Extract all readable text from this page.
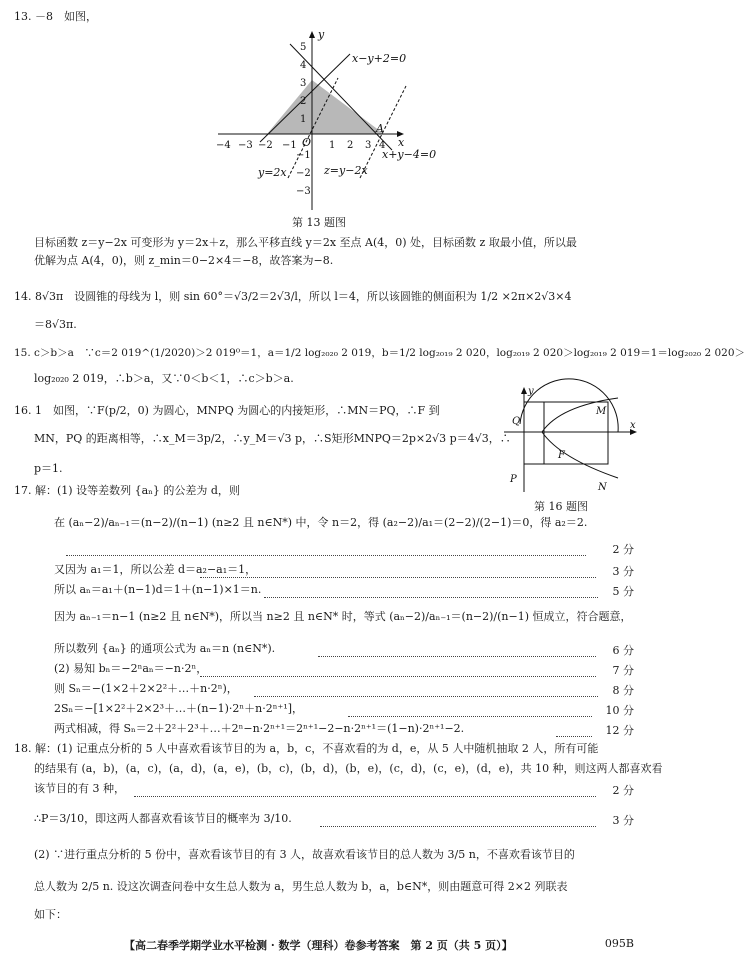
13. －8　如图，
−4 −3 −2 −1	1 2 3 4
5
4
3
2
1
−1
−2
−3
y
x
O
A
x−y+2=0
x+y−4=0
y=2x	z=y−2x
第 13 题图
目标函数 z＝y−2x 可变形为 y＝2x＋z，那么平移直线 y＝2x 至点 A(4，0) 处，目标函数 z 取最小值，所以最
优解为点 A(4，0)，则 z_min＝0−2×4＝−8，故答案为−8.
14. 8√3π　设圆锥的母线为 l，则 sin 60°＝√3/2＝2√3/l，所以 l＝4，所以该圆锥的侧面积为 1/2 ×2π×2√3×4
＝8√3π.
15. c＞b＞a　∵c＝2 019^(1/2020)＞2 019⁰＝1，a＝1/2 log₂₀₂₀ 2 019，b＝1/2 log₂₀₁₉ 2 020，log₂₀₁₉ 2 020＞log₂₀₁₉ 2 019＝1＝log₂₀₂₀ 2 020＞
log₂₀₂₀ 2 019，∴b＞a，又∵0＜b＜1，∴c＞b＞a.
16. 1　如图，∵F(p/2，0) 为圆心，MNPQ 为圆心的内接矩形，∴MN＝PQ，∴F 到
MN，PQ 的距离相等，∴x_M＝3p/2，∴y_M＝√3 p，∴S矩形MNPQ＝2p×2√3 p＝4√3，∴
p＝1.
y
x
Q
M
F
P
N
第 16 题图
17. 解：(1) 设等差数列 {aₙ} 的公差为 d，则
在 (aₙ−2)/aₙ₋₁＝(n−2)/(n−1) (n≥2 且 n∈N*) 中，令 n＝2，得 (a₂−2)/a₁＝(2−2)/(2−1)＝0，得 a₂＝2.
2 分
又因为 a₁＝1，所以公差 d＝a₂−a₁＝1，	3 分
所以 aₙ＝a₁＋(n−1)d＝1＋(n−1)×1＝n.	5 分
因为 aₙ₋₁＝n−1 (n≥2 且 n∈N*)，所以当 n≥2 且 n∈N* 时，等式 (aₙ−2)/aₙ₋₁＝(n−2)/(n−1) 恒成立，符合题意，
所以数列 {aₙ} 的通项公式为 aₙ＝n (n∈N*).	6 分
(2) 易知 bₙ＝−2ⁿaₙ＝−n·2ⁿ，	7 分
则 Sₙ＝−(1×2＋2×2²＋…＋n·2ⁿ)，	8 分
2Sₙ＝−[1×2²＋2×2³＋…＋(n−1)·2ⁿ＋n·2ⁿ⁺¹]，	10 分
两式相减，得 Sₙ＝2＋2²＋2³＋…＋2ⁿ−n·2ⁿ⁺¹＝2ⁿ⁺¹−2−n·2ⁿ⁺¹＝(1−n)·2ⁿ⁺¹−2.	12 分
18. 解：(1) 记重点分析的 5 人中喜欢看该节目的为 a，b，c，不喜欢看的为 d，e，从 5 人中随机抽取 2 人，所有可能
的结果有 (a，b)，(a，c)，(a，d)，(a，e)，(b，c)，(b，d)，(b，e)，(c，d)，(c，e)，(d，e)，共 10 种，则这两人都喜欢看
该节目的有 3 种，	2 分
∴P＝3/10，即这两人都喜欢看该节目的概率为 3/10.	3 分
(2) ∵进行重点分析的 5 份中，喜欢看该节目的有 3 人，故喜欢看该节目的总人数为 3/5 n，不喜欢看该节目的
总人数为 2/5 n. 设这次调查问卷中女生总人数为 a，男生总人数为 b，a，b∈N*，则由题意可得 2×2 列联表
如下：
【高二春季学期学业水平检测 · 数学（理科）卷参考答案　第 2 页（共 5 页）】	095B
